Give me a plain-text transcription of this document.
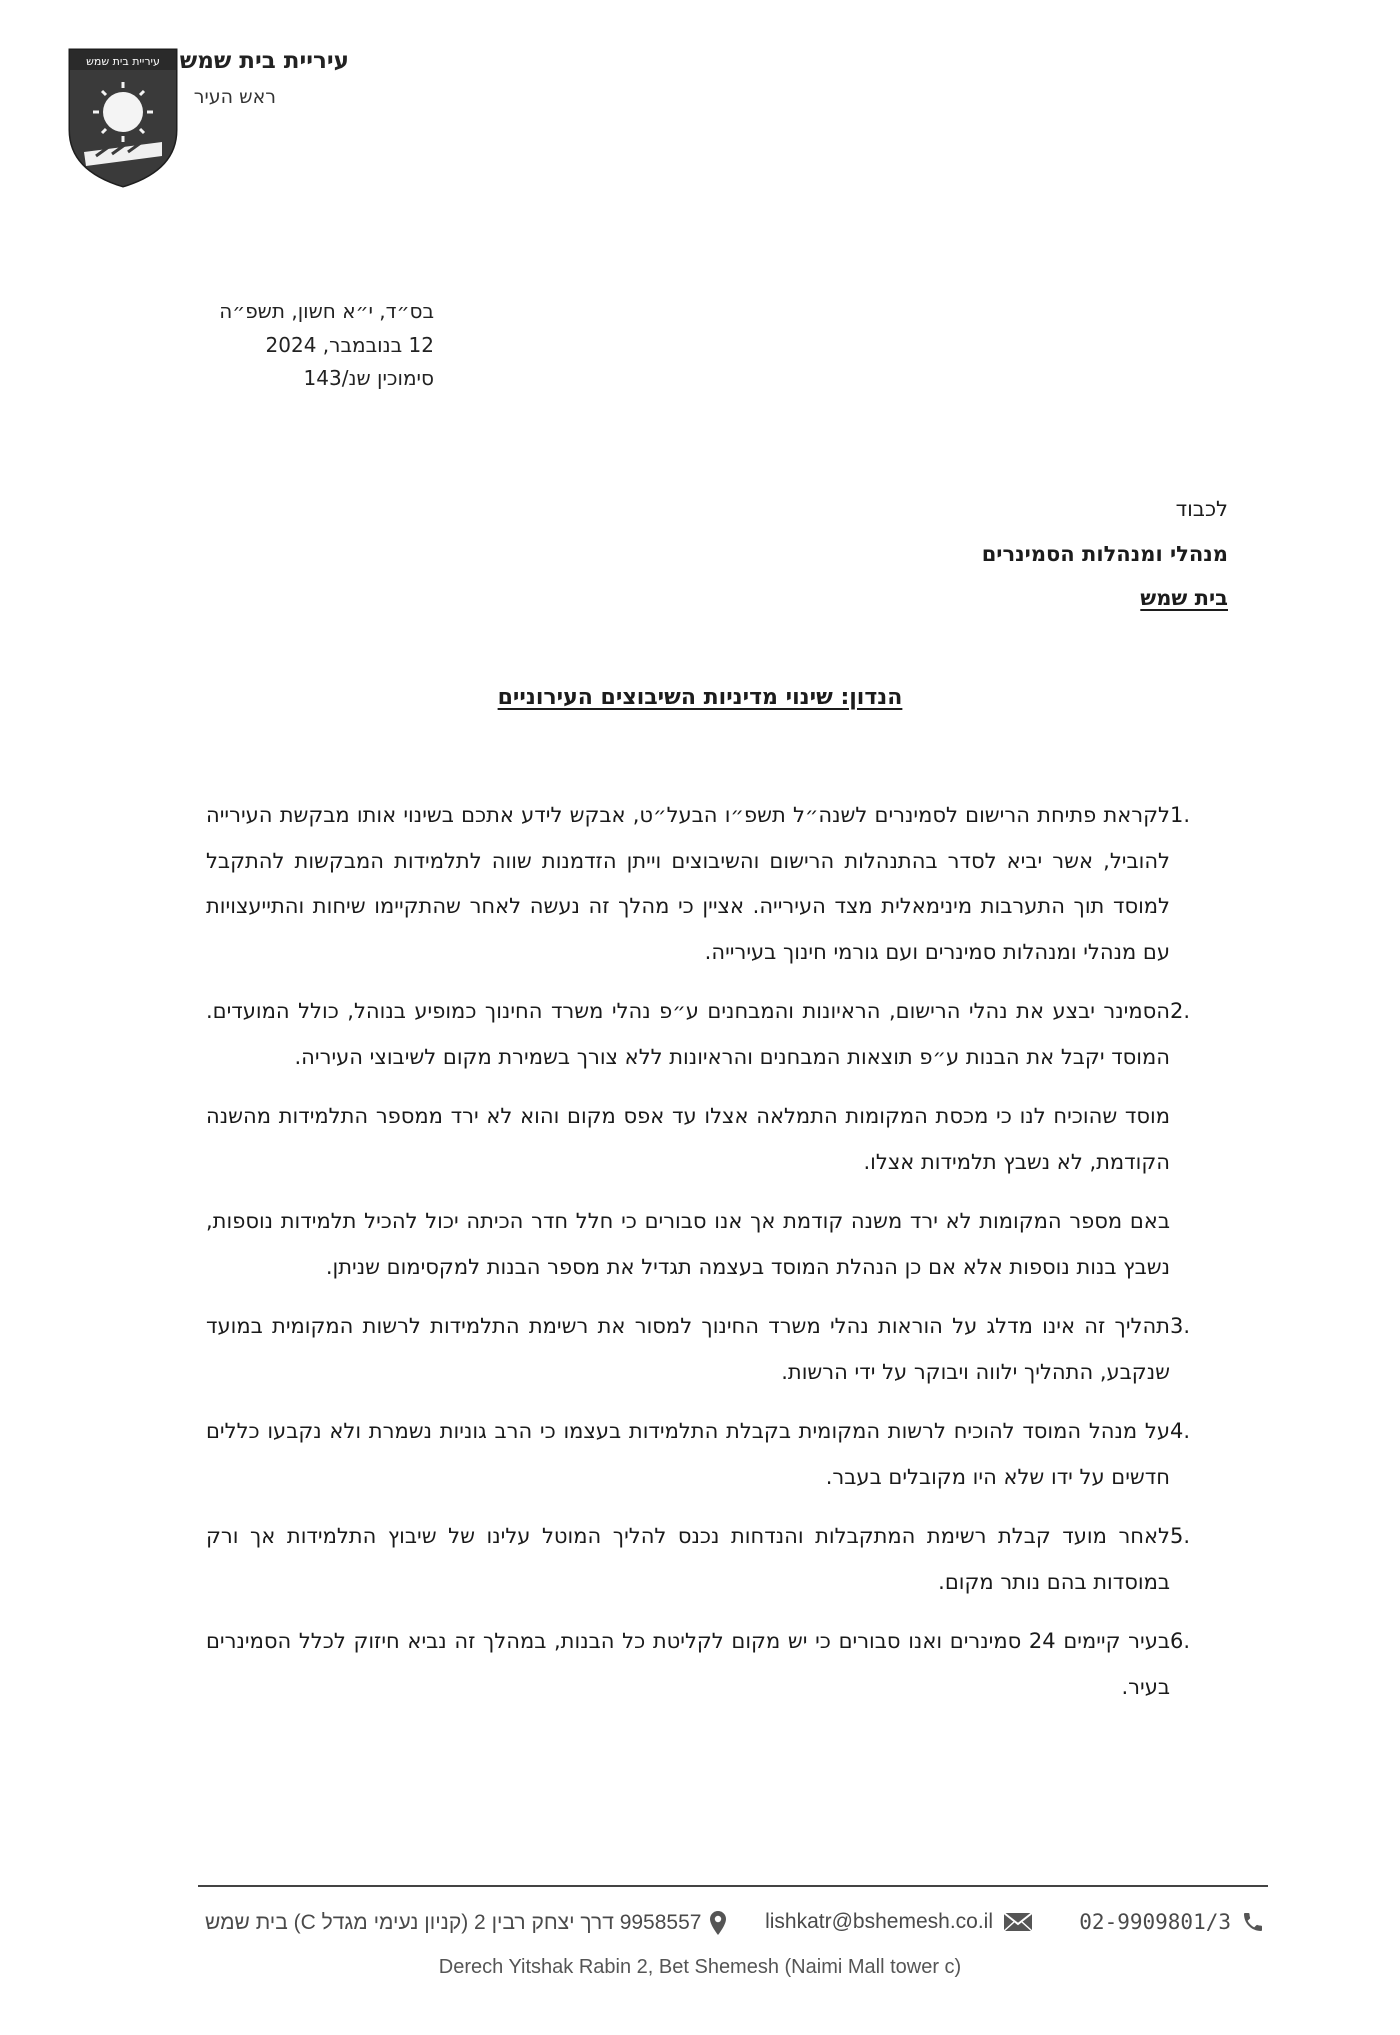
עיריית בית שמש עיריית בית שמש
ראש העיר
בס״ד, י״א חשון, תשפ״ה
12 בנובמבר, 2024
סימוכין שנ/143
לכבוד
מנהלי ומנהלות הסמינרים
בית שמש
הנדון: שינוי מדיניות השיבוצים העירוניים
.1

לקראת פתיחת הרישום לסמינרים לשנה״ל תשפ״ו הבעל״ט, אבקש לידע אתכם בשינוי אותו מבקשת העירייה להוביל, אשר יביא לסדר בהתנהלות הרישום והשיבוצים וייתן הזדמנות שווה לתלמידות המבקשות להתקבל למוסד תוך התערבות מינימאלית מצד העירייה. אציין כי מהלך זה נעשה לאחר שהתקיימו שיחות והתייעצויות עם מנהלי ומנהלות סמינרים ועם גורמי חינוך בעירייה.

.2

הסמינר יבצע את נהלי הרישום, הראיונות והמבחנים ע״פ נהלי משרד החינוך כמופיע בנוהל, כולל המועדים. המוסד יקבל את הבנות ע״פ תוצאות המבחנים והראיונות ללא צורך בשמירת מקום לשיבוצי העיריה.

מוסד שהוכיח לנו כי מכסת המקומות התמלאה אצלו עד אפס מקום והוא לא ירד ממספר התלמידות מהשנה הקודמת, לא נשבץ תלמידות אצלו.

באם מספר המקומות לא ירד משנה קודמת אך אנו סבורים כי חלל חדר הכיתה יכול להכיל תלמידות נוספות, נשבץ בנות נוספות אלא אם כן הנהלת המוסד בעצמה תגדיל את מספר הבנות למקסימום שניתן.

.3

תהליך זה אינו מדלג על הוראות נהלי משרד החינוך למסור את רשימת התלמידות לרשות המקומית במועד שנקבע, התהליך ילווה ויבוקר על ידי הרשות.

.4

על מנהל המוסד להוכיח לרשות המקומית בקבלת התלמידות בעצמו כי הרב גוניות נשמרת ולא נקבעו כללים חדשים על ידו שלא היו מקובלים בעבר.

.5

לאחר מועד קבלת רשימת המתקבלות והנדחות נכנס להליך המוטל עלינו של שיבוץ התלמידות אך ורק במוסדות בהם נותר מקום.

.6

בעיר קיימים 24 סמינרים ואנו סבורים כי יש מקום לקליטת כל הבנות, במהלך זה נביא חיזוק לכלל הסמינרים בעיר.

02-9909801/3
lishkatr@bshemesh.co.il
9958557 דרך יצחק רבין 2 (קניון נעימי מגדל C) בית שמש
Derech Yitshak Rabin 2, Bet Shemesh (Naimi Mall tower c)
